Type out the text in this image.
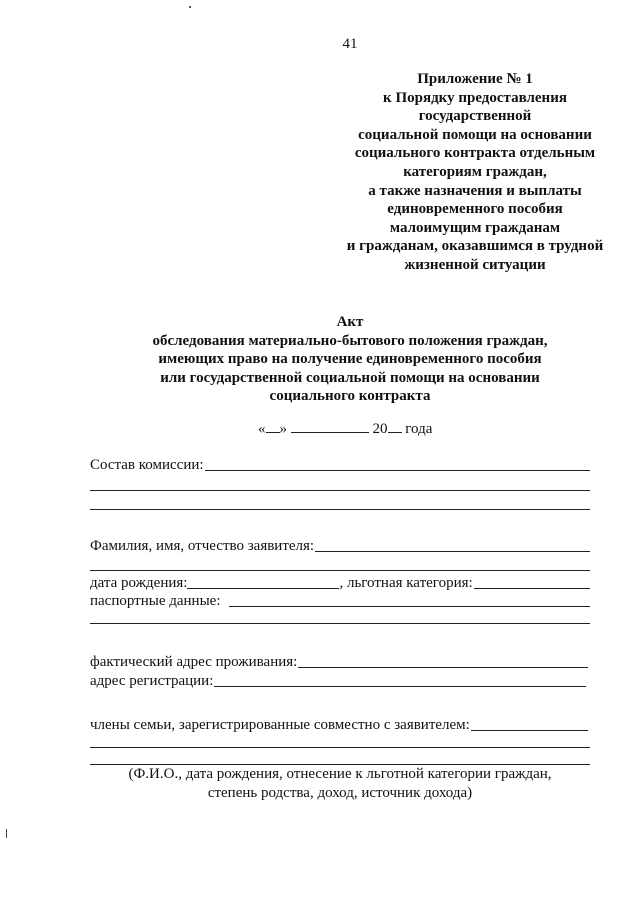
41
Приложение № 1
к Порядку предоставления
государственной
социальной помощи на основании
социального контракта отдельным
категориям граждан,
а также назначения и выплаты
единовременного пособия
малоимущим гражданам
и гражданам, оказавшимся в трудной
жизненной ситуации
Акт
обследования материально-бытового положения граждан,
имеющих право на получение единовременного пособия
или государственной социальной помощи на основании
социального контракта
« »	20 года
Состав комиссии:
Фамилия, имя, отчество заявителя:
дата рождения:	, льготная категория:
паспортные данные:
фактический адрес проживания:
адрес регистрации:
члены семьи, зарегистрированные совместно с заявителем:
(Ф.И.О., дата рождения, отнесение к льготной категории граждан,
степень родства, доход, источник дохода)
